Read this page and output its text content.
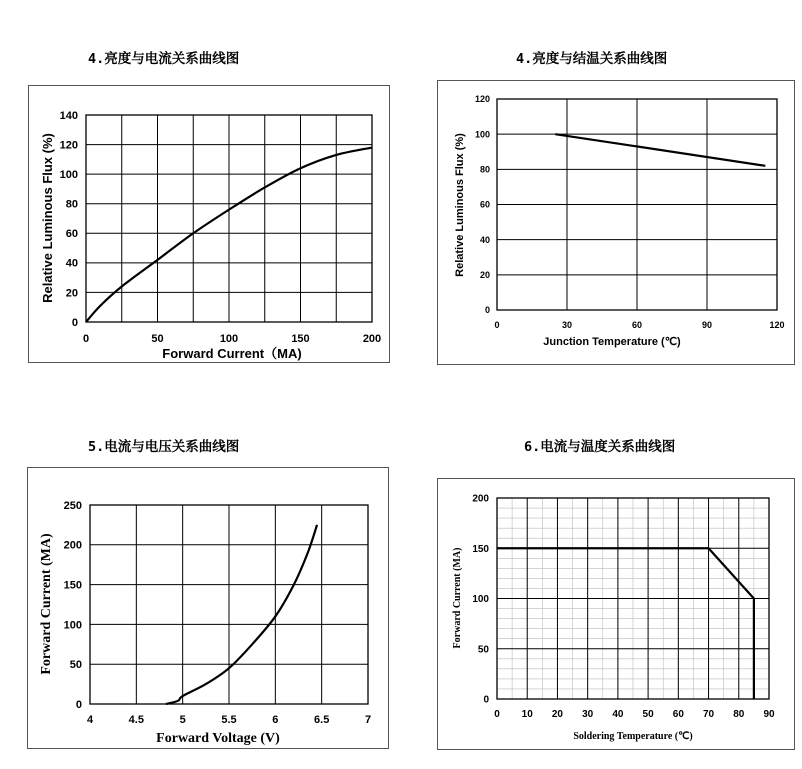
4.亮度与电流关系曲线图

	4.亮度与结温关系曲线图

5.电流与电压关系曲线图

	6.电流与温度关系曲线图

0	50	100	150	200
0
20
40
60
80
100
120
140
Forward Current（MA)
Relative Luminous Flux (%)
0	30	60	90	120
0
20
40
60
80
100
120
Junction Temperature (℃)
Relative Luminous Flux (%)
4	4.5	5	5.5	6	6.5	7
0
50
100
150
200
250
Forward Voltage (V)
Forward Current (MA)
0 10 20 30 40 50 60 70 80 90
0
50
100
150
200
Soldering Temperature (℃)
Forward Current (MA)
